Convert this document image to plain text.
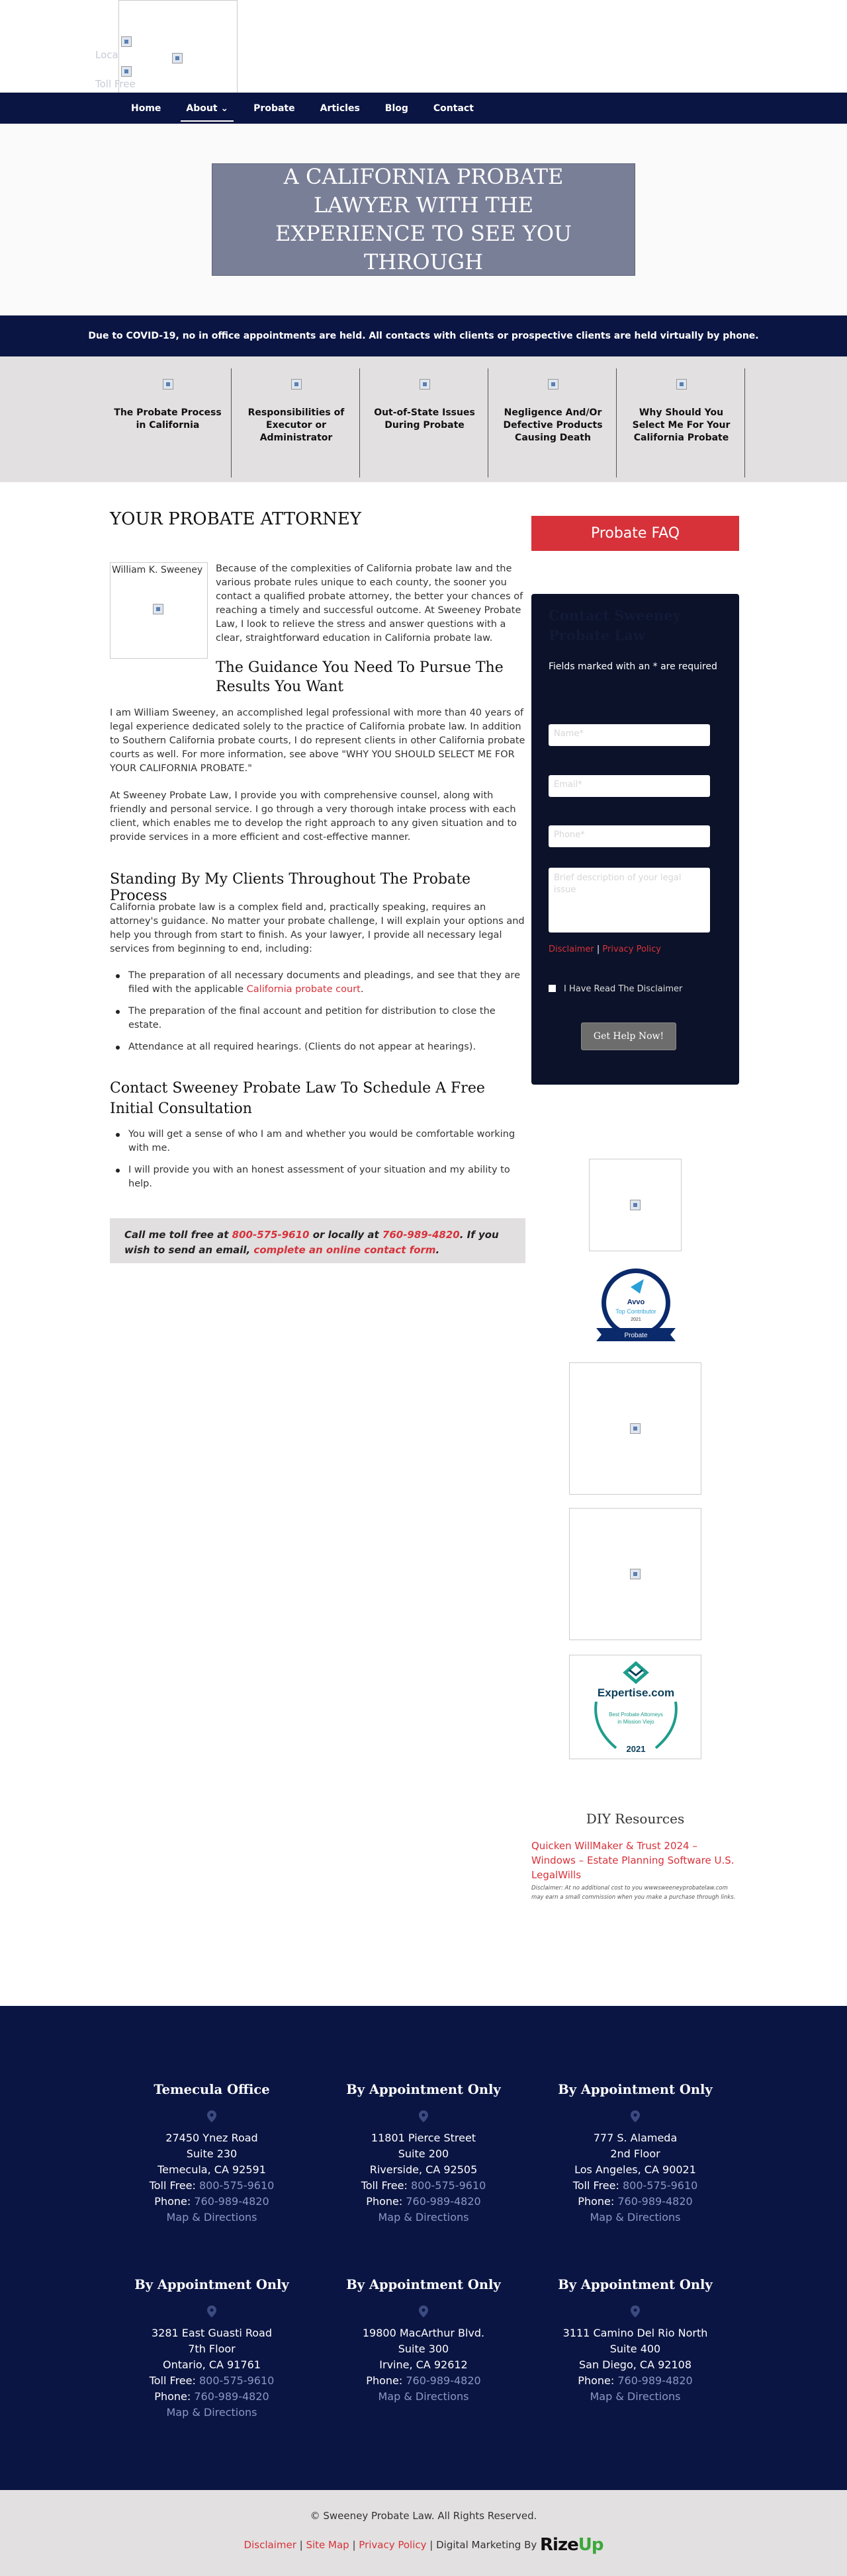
Loca
Toll Free
Home	About ⌄	Probate	Articles	Blog	Contact
A CALIFORNIA PROBATE LAWYER WITH THE EXPERIENCE TO SEE YOU THROUGH

Due to COVID-19, no in office appointments are held. All contacts with clients or prospective clients are held virtually by phone.

The Probate Process in California

Responsibilities of Executor or Administrator

Out-of-State Issues During Probate

Negligence And/Or Defective Products Causing Death

Why Should You Select Me For Your California Probate

YOUR PROBATE ATTORNEY
William K. Sweeney Because of the complexities of California probate law and the various probate rules unique to each county, the sooner you contact a qualified probate attorney, the better your chances of reaching a timely and successful outcome. At Sweeney Probate Law, I look to relieve the stress and answer questions with a clear, straightforward education in California probate law.

The Guidance You Need To Pursue The Results You Want

I am William Sweeney, an accomplished legal professional with more than 40 years of legal experience dedicated solely to the practice of California probate law. In addition to Southern California probate courts, I do represent clients in other California probate courts as well. For more information, see above "WHY YOU SHOULD SELECT ME FOR YOUR CALIFORNIA PROBATE."

At Sweeney Probate Law, I provide you with comprehensive counsel, along with friendly and personal service. I go through a very thorough intake process with each client, which enables me to develop the right approach to any given situation and to provide services in a more efficient and cost-effective manner.

Standing By My Clients Throughout The Probate Process

California probate law is a complex field and, practically speaking, requires an attorney's guidance. No matter your probate challenge, I will explain your options and help you through from start to finish. As your lawyer, I provide all necessary legal services from beginning to end, including:

The preparation of all necessary documents and pleadings, and see that they are filed with the applicable California probate court.
The preparation of the final account and petition for distribution to close the estate.
Attendance at all required hearings. (Clients do not appear at hearings).
Contact Sweeney Probate Law To Schedule A Free Initial Consultation
You will get a sense of who I am and whether you would be comfortable working with me.
I will provide you with an honest assessment of your situation and my ability to help.
Call me toll free at 800-575-9610 or locally at 760-989-4820. If you wish to send an email, complete an online contact form.
Probate FAQ
Contact Sweeney Probate Law

Fields marked with an * are required

Name*
Email*
Phone*
Brief description of your legal issue
Disclaimer | Privacy Policy
I Have Read The Disclaimer
Get Help Now!
Avvo
Top Contributor
2021
Probate
Expertise.com
Best Probate Attorneys
in Mission Viejo
2021
DIY Resources
Quicken WillMaker & Trust 2024 – Windows – Estate Planning Software U.S. LegalWills

Disclaimer: At no additional cost to you wwwsweeneyprobatelaw.com may earn a small commission when you make a purchase through links.

Temecula Office
27450 Ynez Road
Suite 230
Temecula, CA 92591
Toll Free: 800-575-9610
Phone: 760-989-4820
Map & Directions
By Appointment Only
11801 Pierce Street
Suite 200
Riverside, CA 92505
Toll Free: 800-575-9610
Phone: 760-989-4820
Map & Directions
By Appointment Only
777 S. Alameda
2nd Floor
Los Angeles, CA 90021
Toll Free: 800-575-9610
Phone: 760-989-4820
Map & Directions
By Appointment Only
3281 East Guasti Road
7th Floor
Ontario, CA 91761
Toll Free: 800-575-9610
Phone: 760-989-4820
Map & Directions
By Appointment Only
19800 MacArthur Blvd.
Suite 300
Irvine, CA 92612
Phone: 760-989-4820
Map & Directions
By Appointment Only
3111 Camino Del Rio North
Suite 400
San Diego, CA 92108
Phone: 760-989-4820
Map & Directions

© Sweeney Probate Law. All Rights Reserved.

Disclaimer | Site Map | Privacy Policy | Digital Marketing By RizeUp
